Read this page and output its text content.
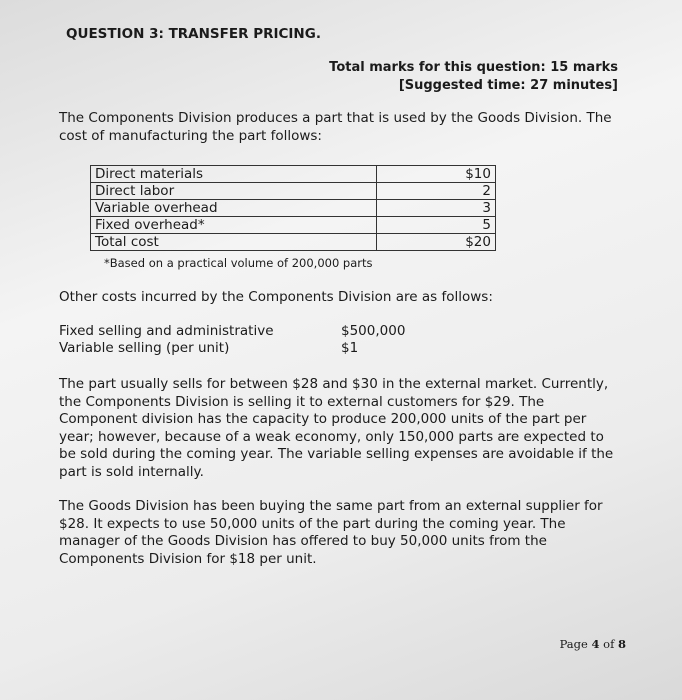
QUESTION 3: TRANSFER PRICING.
Total marks for this question: 15 marks
[Suggested time: 27 minutes]
The Components Division produces a part that is used by the Goods Division. The cost of manufacturing the part follows:
Direct materials	$10
Direct labor	2
Variable overhead	3
Fixed overhead*	5
Total cost	$20
*Based on a practical volume of 200,000 parts
Other costs incurred by the Components Division are as follows:
Fixed selling and administrative	$500,000
Variable selling (per unit)	$1
The part usually sells for between $28 and $30 in the external market. Currently, the Components Division is selling it to external customers for $29. The Component division has the capacity to produce 200,000 units of the part per year; however, because of a weak economy, only 150,000 parts are expected to be sold during the coming year. The variable selling expenses are avoidable if the part is sold internally.
The Goods Division has been buying the same part from an external supplier for $28. It expects to use 50,000 units of the part during the coming year. The manager of the Goods Division has offered to buy 50,000 units from the Components Division for $18 per unit.
Page 4 of 8
